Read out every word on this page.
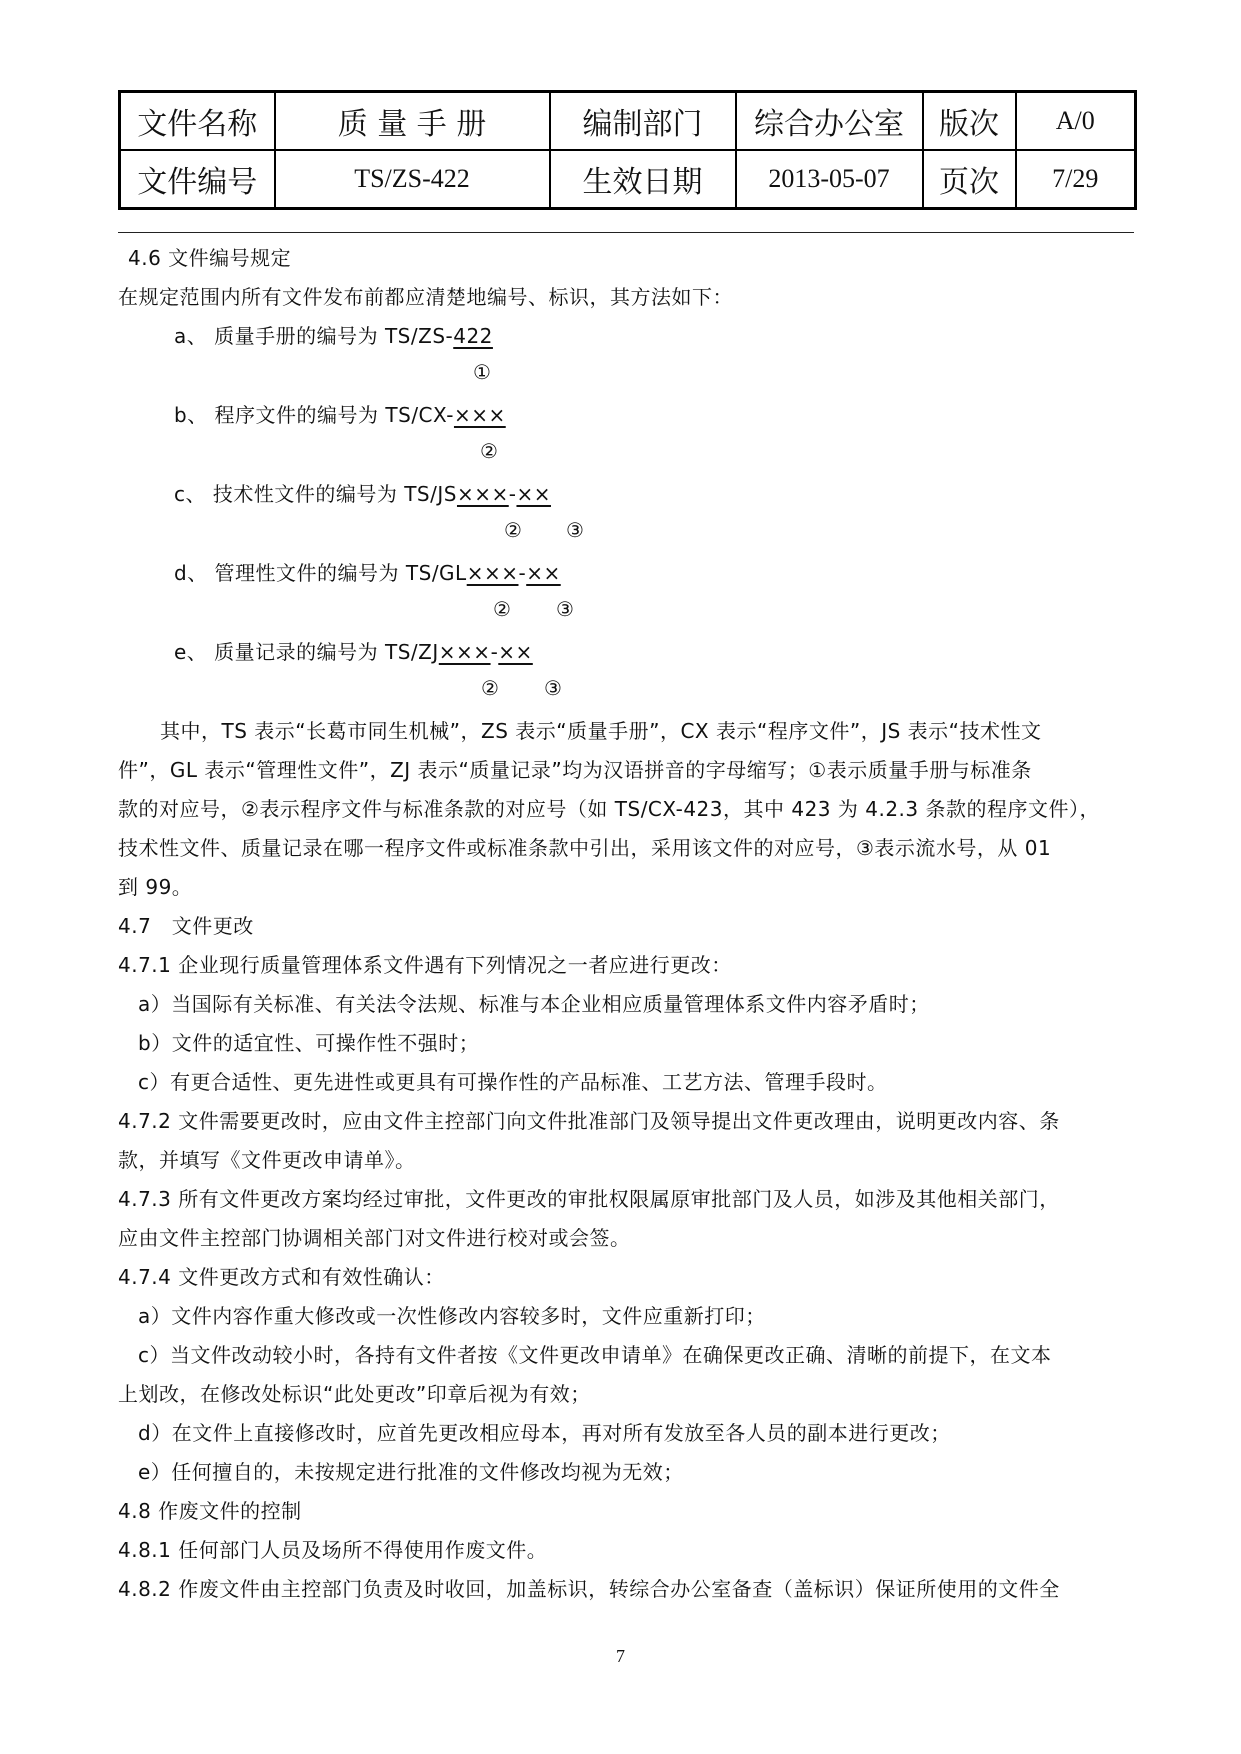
文件名称	质 量 手 册	编制部门	综合办公室	版次	A/0
文件编号	TS/ZS-422	生效日期	2013-05-07	页次	7/29
4.6 文件编号规定
在规定范围内所有文件发布前都应清楚地编号、标识，其方法如下：
a、 质量手册的编号为 TS/ZS-422
①
b、 程序文件的编号为 TS/CX-×××
②
c、 技术性文件的编号为 TS/JS×××-××
② ③
d、 管理性文件的编号为 TS/GL×××-××
② ③
e、 质量记录的编号为 TS/ZJ×××-××
② ③
其中，TS 表示“长葛市同生机械”，ZS 表示“质量手册”，CX 表示“程序文件”，JS 表示“技术性文
件”，GL 表示“管理性文件”，ZJ 表示“质量记录”均为汉语拼音的字母缩写；①表示质量手册与标准条
款的对应号，②表示程序文件与标准条款的对应号（如 TS/CX-423，其中 423 为 4.2.3 条款的程序文件），
技术性文件、质量记录在哪一程序文件或标准条款中引出，采用该文件的对应号，③表示流水号，从 01
到 99。
4.7　文件更改
4.7.1 企业现行质量管理体系文件遇有下列情况之一者应进行更改：
a）当国际有关标准、有关法令法规、标准与本企业相应质量管理体系文件内容矛盾时；
b）文件的适宜性、可操作性不强时；
c）有更合适性、更先进性或更具有可操作性的产品标准、工艺方法、管理手段时。
4.7.2 文件需要更改时，应由文件主控部门向文件批准部门及领导提出文件更改理由，说明更改内容、条
款，并填写《文件更改申请单》。
4.7.3 所有文件更改方案均经过审批，文件更改的审批权限属原审批部门及人员，如涉及其他相关部门，
应由文件主控部门协调相关部门对文件进行校对或会签。
4.7.4 文件更改方式和有效性确认：
a）文件内容作重大修改或一次性修改内容较多时，文件应重新打印；
c）当文件改动较小时，各持有文件者按《文件更改申请单》在确保更改正确、清晰的前提下，在文本
上划改，在修改处标识“此处更改”印章后视为有效；
d）在文件上直接修改时，应首先更改相应母本，再对所有发放至各人员的副本进行更改；
e）任何擅自的，未按规定进行批准的文件修改均视为无效；
4.8 作废文件的控制
4.8.1 任何部门人员及场所不得使用作废文件。
4.8.2 作废文件由主控部门负责及时收回，加盖标识，转综合办公室备查（盖标识）保证所使用的文件全
7
